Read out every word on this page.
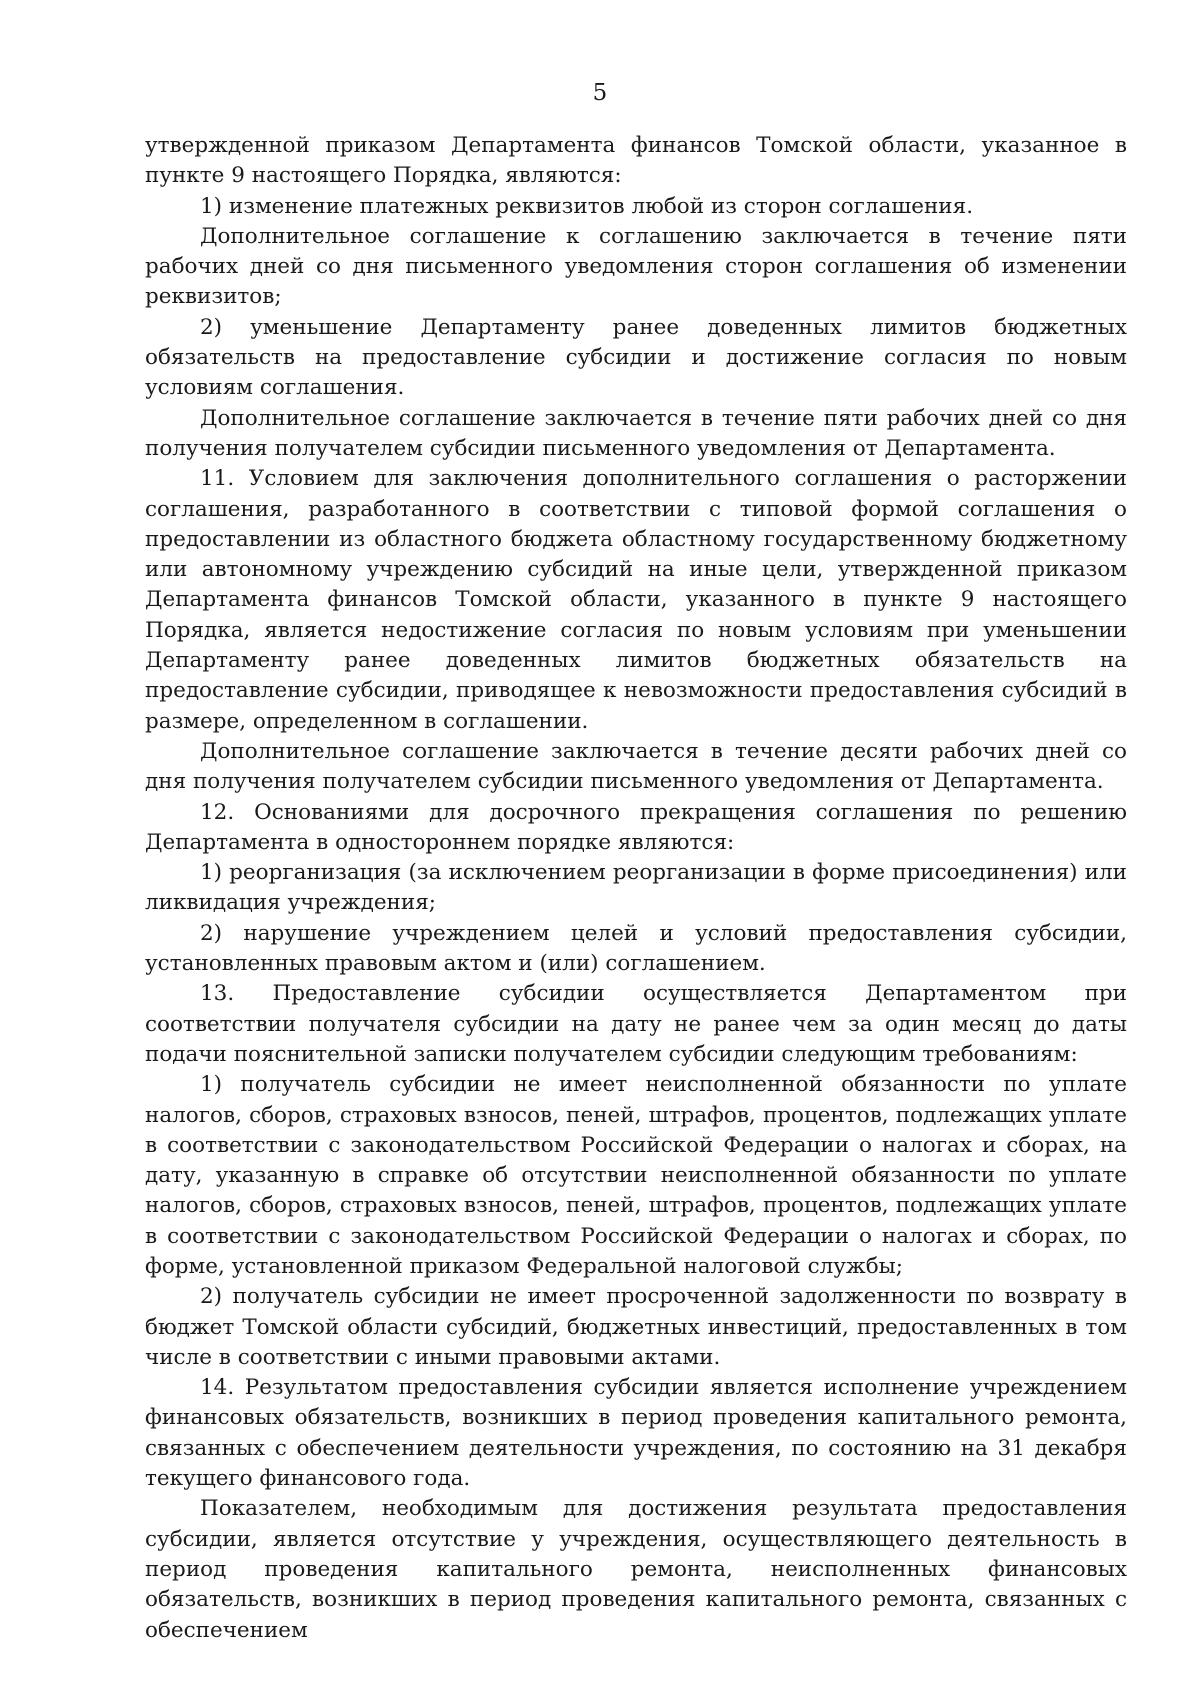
5

утвержденной приказом Департамента финансов Томской области, указанное в пункте 9 настоящего Порядка, являются:

1) изменение платежных реквизитов любой из сторон соглашения.

Дополнительное соглашение к соглашению заключается в течение пяти рабочих дней со дня письменного уведомления сторон соглашения об изменении реквизитов;

2) уменьшение Департаменту ранее доведенных лимитов бюджетных обязательств на предоставление субсидии и достижение согласия по новым условиям соглашения.

Дополнительное соглашение заключается в течение пяти рабочих дней со дня получения получателем субсидии письменного уведомления от Департамента.

11. Условием для заключения дополнительного соглашения о расторжении соглашения, разработанного в соответствии с типовой формой соглашения о предоставлении из областного бюджета областному государственному бюджетному или автономному учреждению субсидий на иные цели, утвержденной приказом Департамента финансов Томской области, указанного в пункте 9 настоящего Порядка, является недостижение согласия по новым условиям при уменьшении Департаменту ранее доведенных лимитов бюджетных обязательств на предоставление субсидии, приводящее к невозможности предоставления субсидий в размере, определенном в соглашении.

Дополнительное соглашение заключается в течение десяти рабочих дней со дня получения получателем субсидии письменного уведомления от Департамента.

12. Основаниями для досрочного прекращения соглашения по решению Департамента в одностороннем порядке являются:

1) реорганизация (за исключением реорганизации в форме присоединения) или ликвидация учреждения;

2) нарушение учреждением целей и условий предоставления субсидии, установленных правовым актом и (или) соглашением.

13. Предоставление субсидии осуществляется Департаментом при соответствии получателя субсидии на дату не ранее чем за один месяц до даты подачи пояснительной записки получателем субсидии следующим требованиям:

1) получатель субсидии не имеет неисполненной обязанности по уплате налогов, сборов, страховых взносов, пеней, штрафов, процентов, подлежащих уплате в соответствии с законодательством Российской Федерации о налогах и сборах, на дату, указанную в справке об отсутствии неисполненной обязанности по уплате налогов, сборов, страховых взносов, пеней, штрафов, процентов, подлежащих уплате в соответствии с законодательством Российской Федерации о налогах и сборах, по форме, установленной приказом Федеральной налоговой службы;

2) получатель субсидии не имеет просроченной задолженности по возврату в бюджет Томской области субсидий, бюджетных инвестиций, предоставленных в том числе в соответствии с иными правовыми актами.

14. Результатом предоставления субсидии является исполнение учреждением финансовых обязательств, возникших в период проведения капитального ремонта, связанных с обеспечением деятельности учреждения, по состоянию на 31 декабря текущего финансового года.

Показателем, необходимым для достижения результата предоставления субсидии, является отсутствие у учреждения, осуществляющего деятельность в период проведения капитального ремонта, неисполненных финансовых обязательств, возникших в период проведения капитального ремонта, связанных с обеспечением
